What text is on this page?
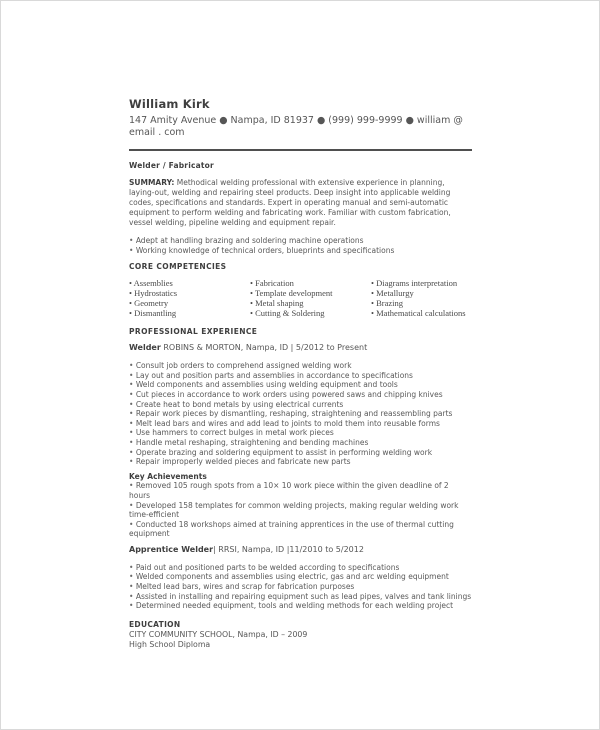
William Kirk
147 Amity Avenue ● Nampa, ID 81937 ● (999) 999-9999 ● william @ email . com
Welder / Fabricator

SUMMARY: Methodical welding professional with extensive experience in planning, laying-out, welding and repairing steel products. Deep insight into applicable welding codes, specifications and standards. Expert in operating manual and semi-automatic equipment to perform welding and fabricating work. Familiar with custom fabrication, vessel welding, pipeline welding and equipment repair.

• Adept at handling brazing and soldering machine operations
• Working knowledge of technical orders, blueprints and specifications
CORE COMPETENCIES
• Assemblies
• Hydrostatics
• Geometry
• Dismantling
• Fabrication
• Template development
• Metal shaping
• Cutting & Soldering
• Diagrams interpretation
• Metallurgy
• Brazing
• Mathematical calculations
PROFESSIONAL EXPERIENCE

Welder ROBINS & MORTON, Nampa, ID | 5/2012 to Present

• Consult job orders to comprehend assigned welding work
• Lay out and position parts and assemblies in accordance to specifications
• Weld components and assemblies using welding equipment and tools
• Cut pieces in accordance to work orders using powered saws and chipping knives
• Create heat to bond metals by using electrical currents
• Repair work pieces by dismantling, reshaping, straightening and reassembling parts
• Melt lead bars and wires and add lead to joints to mold them into reusable forms
• Use hammers to correct bulges in metal work pieces
• Handle metal reshaping, straightening and bending machines
• Operate brazing and soldering equipment to assist in performing welding work
• Repair improperly welded pieces and fabricate new parts
Key Achievements
• Removed 105 rough spots from a 10× 10 work piece within the given deadline of 2 hours
• Developed 158 templates for common welding projects, making regular welding work time-efficient
• Conducted 18 workshops aimed at training apprentices in the use of thermal cutting equipment

Apprentice Welder| RRSI, Nampa, ID |11/2010 to 5/2012

• Paid out and positioned parts to be welded according to specifications
• Welded components and assemblies using electric, gas and arc welding equipment
• Melted lead bars, wires and scrap for fabrication purposes
• Assisted in installing and repairing equipment such as lead pipes, valves and tank linings
• Determined needed equipment, tools and welding methods for each welding project
EDUCATION
CITY COMMUNITY SCHOOL, Nampa, ID – 2009
High School Diploma
